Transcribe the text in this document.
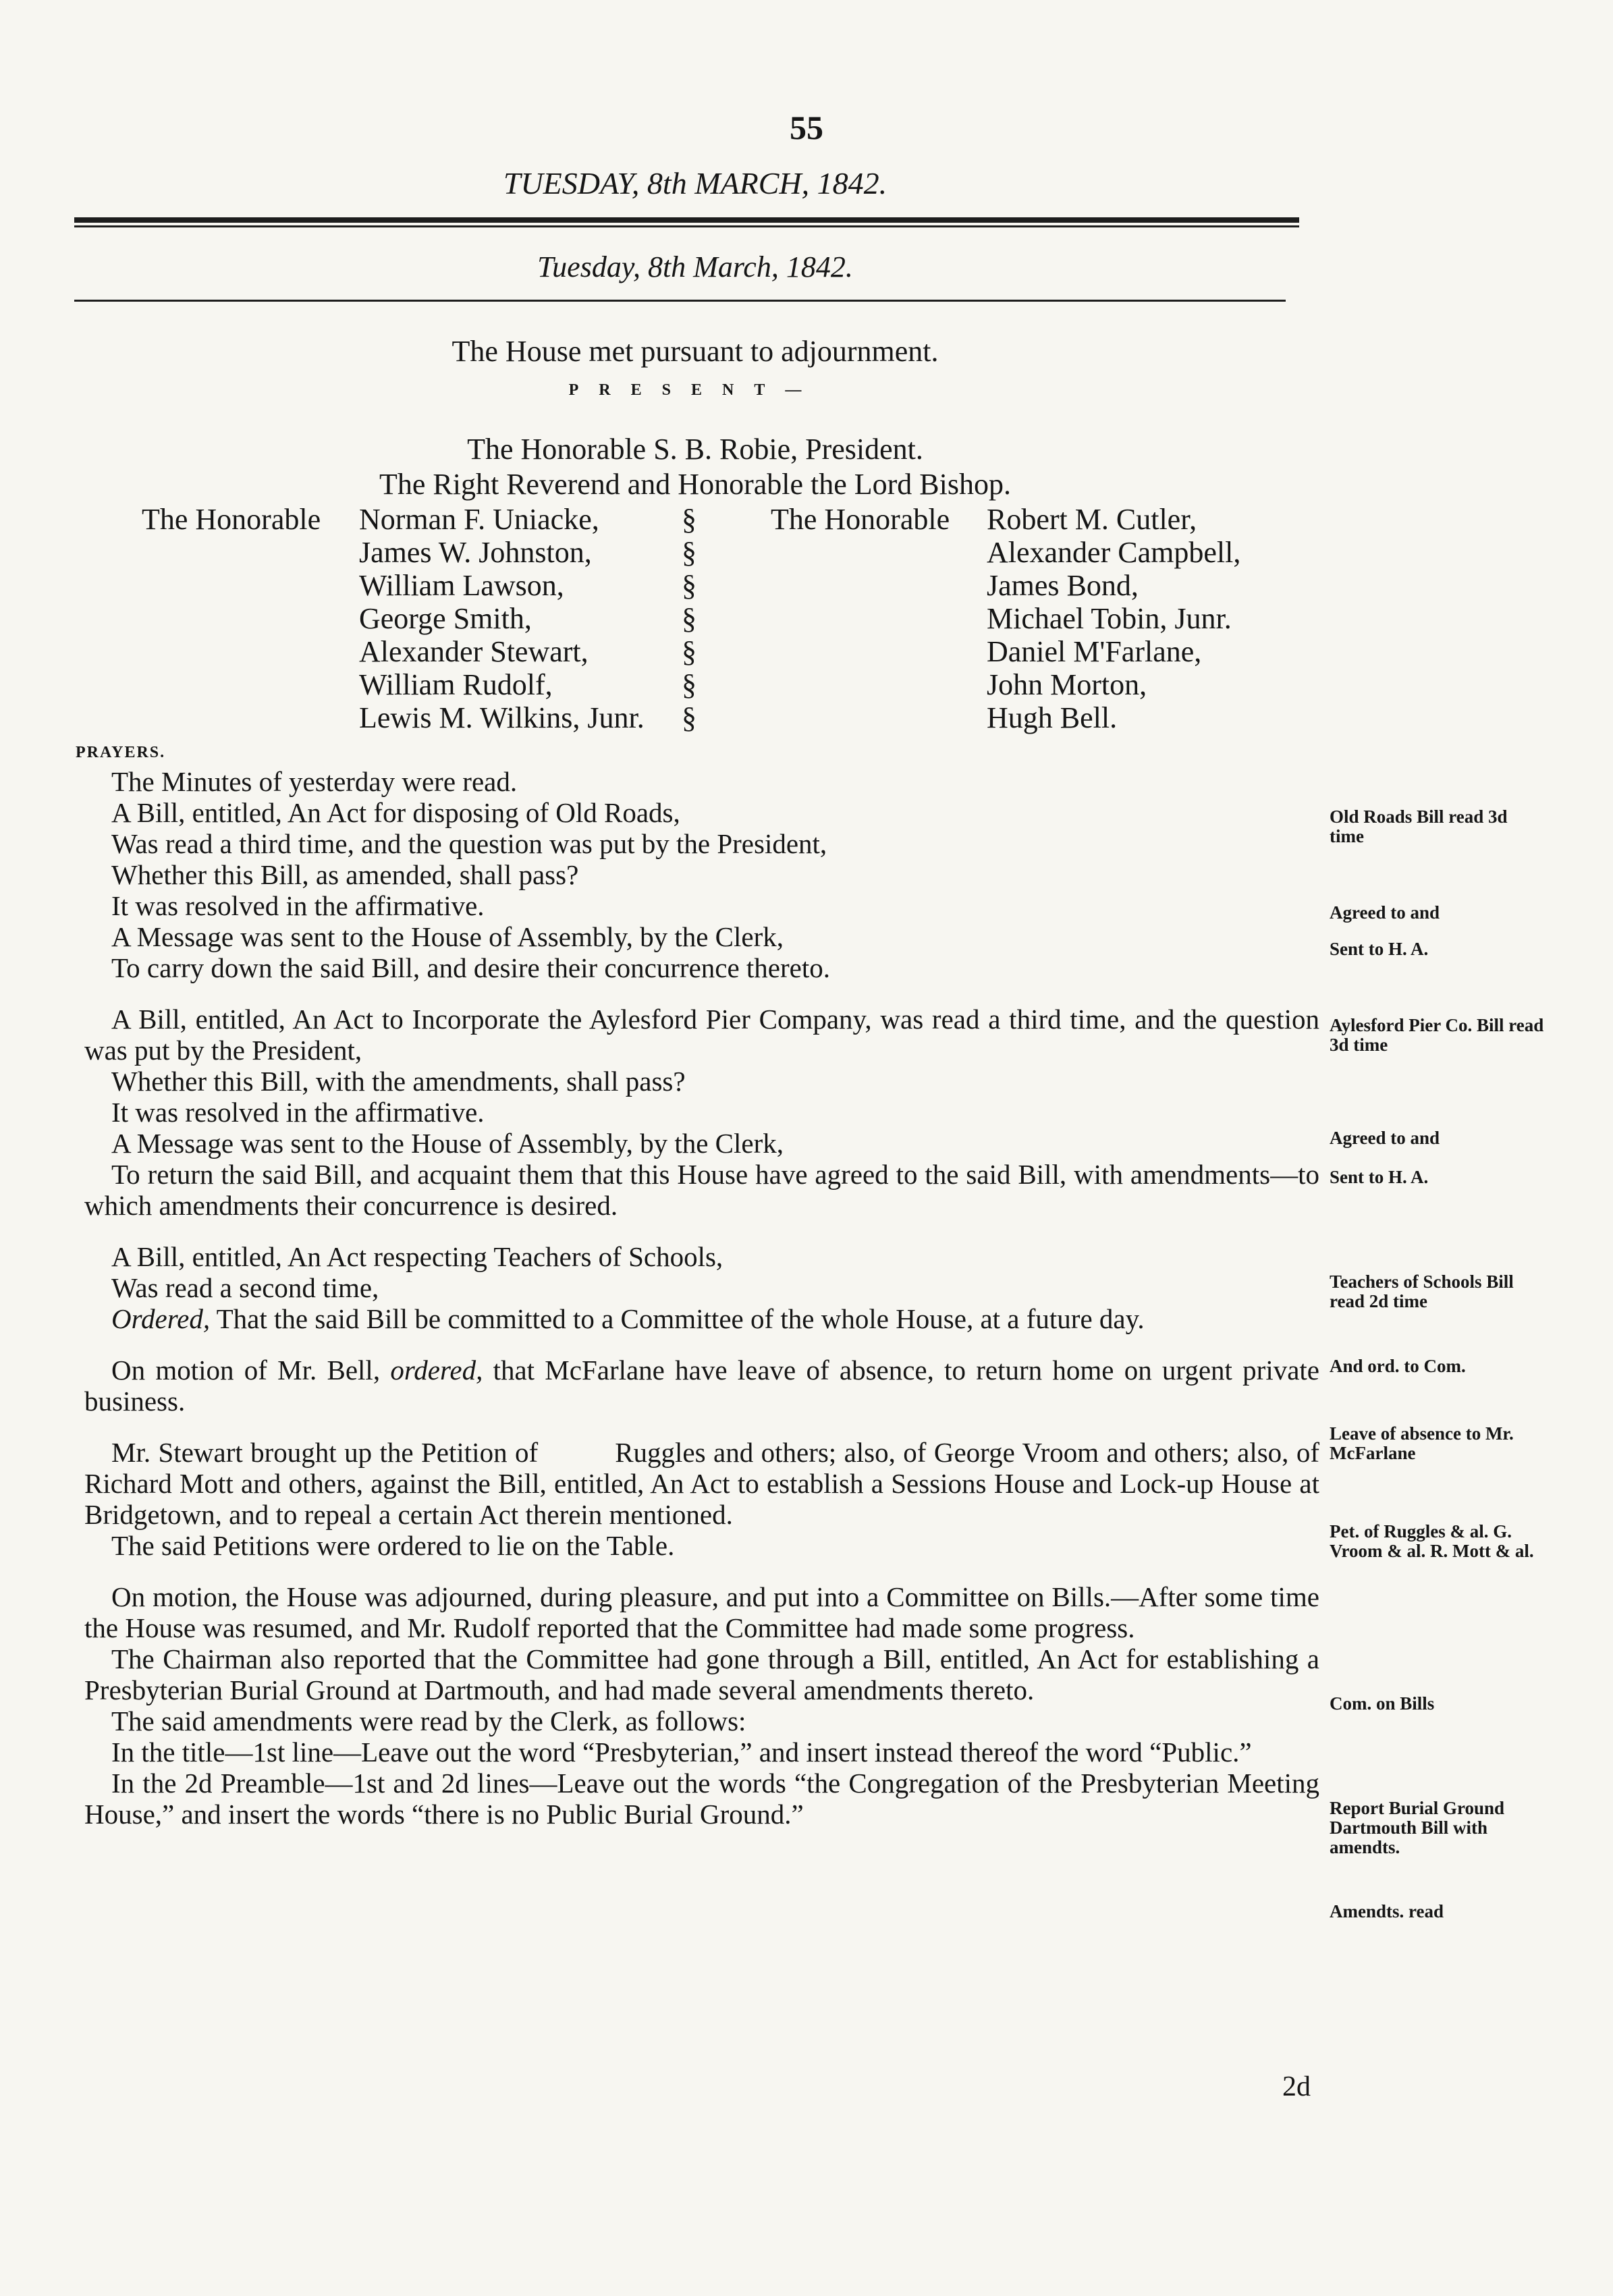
55
TUESDAY, 8th MARCH, 1842.
Tuesday, 8th March, 1842.
The House met pursuant to adjournment.
PRESENT—
The Honorable S. B. Robie, President.
The Right Reverend and Honorable the Lord Bishop.
The Honorable Norman F. Uniacke,
James W. Johnston,
William Lawson,
George Smith,
Alexander Stewart,
William Rudolf,
Lewis M. Wilkins, Junr.
§
§
§
§
§
§
§
The Honorable Robert M. Cutler,
Alexander Campbell,
James Bond,
Michael Tobin, Junr.
Daniel M'Farlane,
John Morton,
Hugh Bell.
PRAYERS.

The Minutes of yesterday were read.

A Bill, entitled, An Act for disposing of Old Roads,

Was read a third time, and the question was put by the President,

Whether this Bill, as amended, shall pass?

It was resolved in the affirmative.

A Message was sent to the House of Assembly, by the Clerk,

To carry down the said Bill, and desire their concurrence thereto.

A Bill, entitled, An Act to Incorporate the Aylesford Pier Company, was read a third time, and the question was put by the President,

Whether this Bill, with the amendments, shall pass?

It was resolved in the affirmative.

A Message was sent to the House of Assembly, by the Clerk,

To return the said Bill, and acquaint them that this House have agreed to the said Bill, with amendments—to which amendments their concurrence is desired.

A Bill, entitled, An Act respecting Teachers of Schools,

Was read a second time,

Ordered, That the said Bill be committed to a Committee of the whole House, at a future day.

On motion of Mr. Bell, ordered, that McFarlane have leave of absence, to return home on urgent private business.

Mr. Stewart brought up the Petition of          Ruggles and others; also, of George Vroom and others; also, of Richard Mott and others, against the Bill, entitled, An Act to establish a Sessions House and Lock-up House at Bridgetown, and to repeal a certain Act therein mentioned.

The said Petitions were ordered to lie on the Table.

On motion, the House was adjourned, during pleasure, and put into a Committee on Bills.—After some time the House was resumed, and Mr. Rudolf reported that the Committee had made some progress.

The Chairman also reported that the Committee had gone through a Bill, entitled, An Act for establishing a Presbyterian Burial Ground at Dartmouth, and had made several amendments thereto.

The said amendments were read by the Clerk, as follows:

In the title—1st line—Leave out the word “Presbyterian,” and insert instead thereof the word “Public.”

In the 2d Preamble—1st and 2d lines—Leave out the words “the Congregation of the Presbyterian Meeting House,” and insert the words “there is no Public Burial Ground.”

2d
Old Roads Bill read 3d time
Agreed to and
Sent to H. A.
Aylesford Pier Co. Bill read 3d time
Agreed to and
Sent to H. A.
Teachers of Schools Bill read 2d time
And ord. to Com.
Leave of absence to Mr. McFarlane
Pet. of Ruggles & al. G. Vroom & al. R. Mott & al.
Com. on Bills
Report Burial Ground Dartmouth Bill with amendts.
Amendts. read
